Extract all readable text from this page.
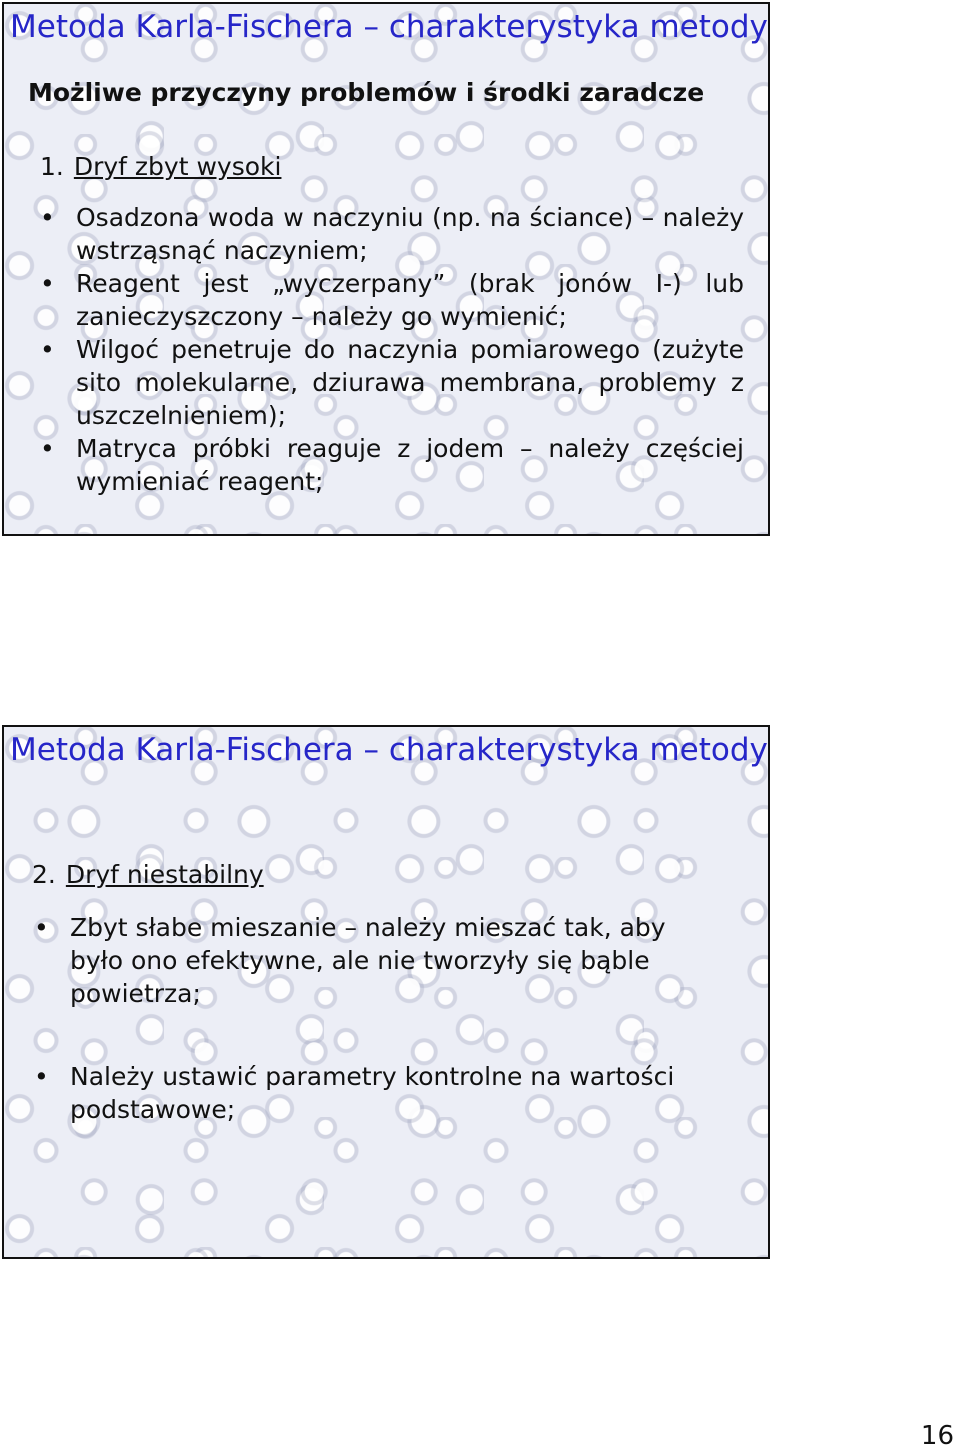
Metoda Karla-Fischera – charakterystyka metody
Możliwe przyczyny problemów i środki zaradcze
1. Dryf zbyt wysoki
• Osadzona woda w naczyniu (np. na ściance) – należy wstrząsnąć naczyniem;
• Reagent jest „wyczerpany” (brak jonów I-) lub zanieczyszczony – należy go wymienić;
• Wilgoć penetruje do naczynia pomiarowego (zużyte sito molekularne, dziurawa membrana, problemy z uszczelnieniem);
• Matryca próbki reaguje z jodem – należy częściej wymieniać reagent;
Metoda Karla-Fischera – charakterystyka metody
2. Dryf niestabilny
• Zbyt słabe mieszanie – należy mieszać tak, aby było ono efektywne, ale nie tworzyły się bąble powietrza;
• Należy ustawić parametry kontrolne na wartości podstawowe;

16
